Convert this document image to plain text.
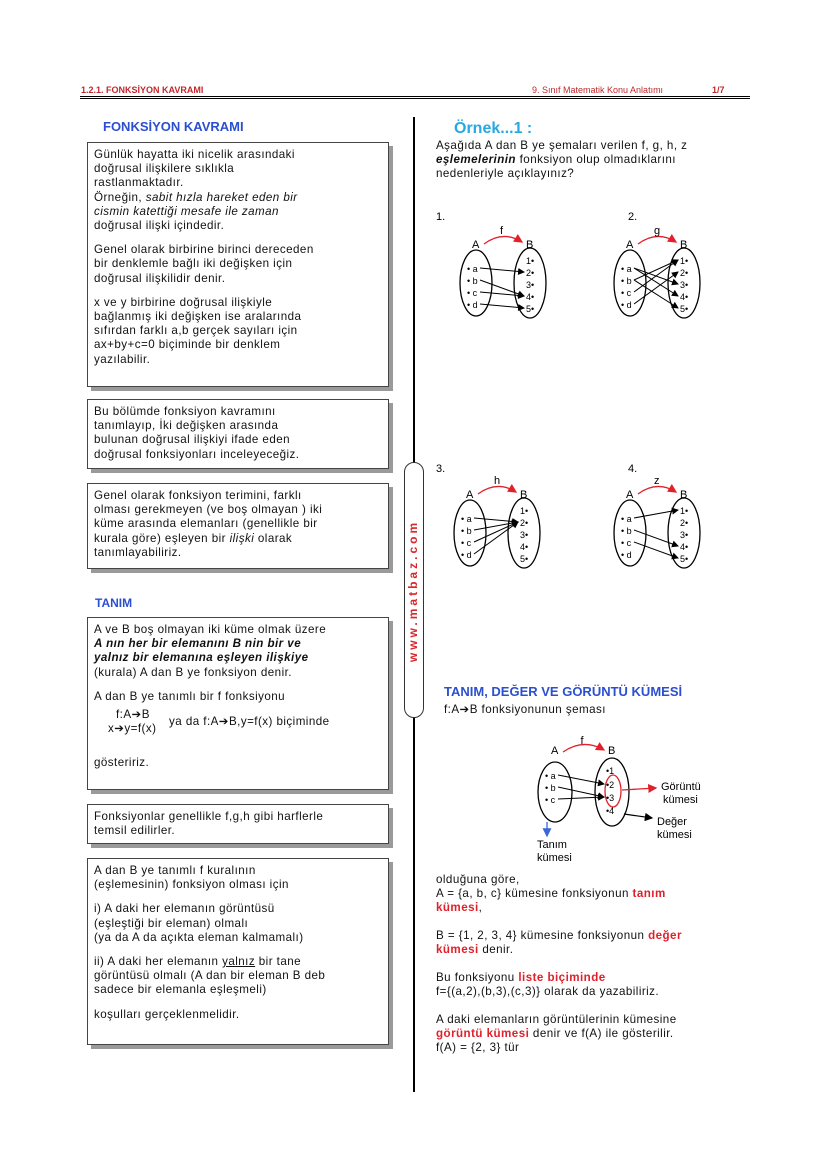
1.2.1. FONKSİYON KAVRAMI	9. Sınıf Matematik Konu Anlatımı	1/7
FONKSİYON KAVRAMI

Günlük hayatta iki nicelik arasındaki

doğrusal ilişkilere sıklıkla

rastlanmaktadır.

Örneğin, sabit hızla hareket eden bir

cismin katettiği mesafe ile zaman

doğrusal ilişki içindedir.

Genel olarak birbirine birinci dereceden

bir denklemle bağlı iki değişken için

doğrusal ilişkilidir denir.

x ve y birbirine doğrusal ilişkiyle

bağlanmış iki değişken ise aralarında

sıfırdan farklı a,b gerçek sayıları için

ax+by+c=0 biçiminde bir denklem

yazılabilir.

Bu bölümde fonksiyon kavramını

tanımlayıp, İki değişken arasında

bulunan doğrusal ilişkiyi ifade eden

doğrusal fonksiyonları inceleyeceğiz.

Genel olarak fonksiyon terimini, farklı

olması gerekmeyen (ve boş olmayan ) iki

küme arasında elemanları (genellikle bir

kurala göre) eşleyen bir ilişki olarak

tanımlayabiliriz.

TANIM

A ve B boş olmayan iki küme olmak üzere

A nın her bir elemanını B nin bir ve

yalnız bir elemanına eşleyen ilişkiye

(kurala) A dan B ye fonksiyon denir.

A dan B ye tanımlı bir f fonksiyonu

f:A➔B
x➔y=f(x)
ya da f:A➔B,y=f(x) biçiminde

gösteririz.

Fonksiyonlar genellikle f,g,h gibi harflerle

temsil edilirler.

A dan B ye tanımlı f kuralının

(eşlemesinin) fonksiyon olması için

i) A daki her elemanın görüntüsü

(eşleştiği bir eleman) olmalı

(ya da A da açıkta eleman kalmamalı)

ii) A daki her elemanın yalnız bir tane

görüntüsü olmalı (A dan bir eleman B deb

sadece bir elemanla eşleşmeli)

koşulları gerçeklenmelidir.

www.matbaz.com
Örnek...1 :
Aşağıda A dan B ye şemaları verilen f, g, h, z
eşlemelerinin fonksiyon olup olmadıklarını
nedenleriyle açıklayınız?
1.
A	B
f
• a
• b
• c
• d
1•
2•
3•
4•
5•
2.
A	B
g
• a
• b
• c
• d
1•
2•
3•
4•
5•
3.
A	B
h
• a
• b
• c
• d
1•
2•
3•
4•
5•
4.
A	B
z
• a
• b
• c
• d
1•
2•
3•
4•
5•
A	B
f
• a
• b
• c
•1
•2
•3
•4
Görüntü
kümesi
Değer
kümesi
Tanım
kümesi
TANIM, DEĞER VE GÖRÜNTÜ KÜMESİ
f:A➔B fonksiyonunun şeması
olduğuna göre,
A = {a, b, c} kümesine fonksiyonun tanım
kümesi,
B = {1, 2, 3, 4} kümesine fonksiyonun değer
kümesi denir.
Bu fonksiyonu liste biçiminde
f={(a,2),(b,3),(c,3)} olarak da yazabiliriz.
A daki elemanların görüntülerinin kümesine
görüntü kümesi denir ve f(A) ile gösterilir.
f(A) = {2, 3} tür
